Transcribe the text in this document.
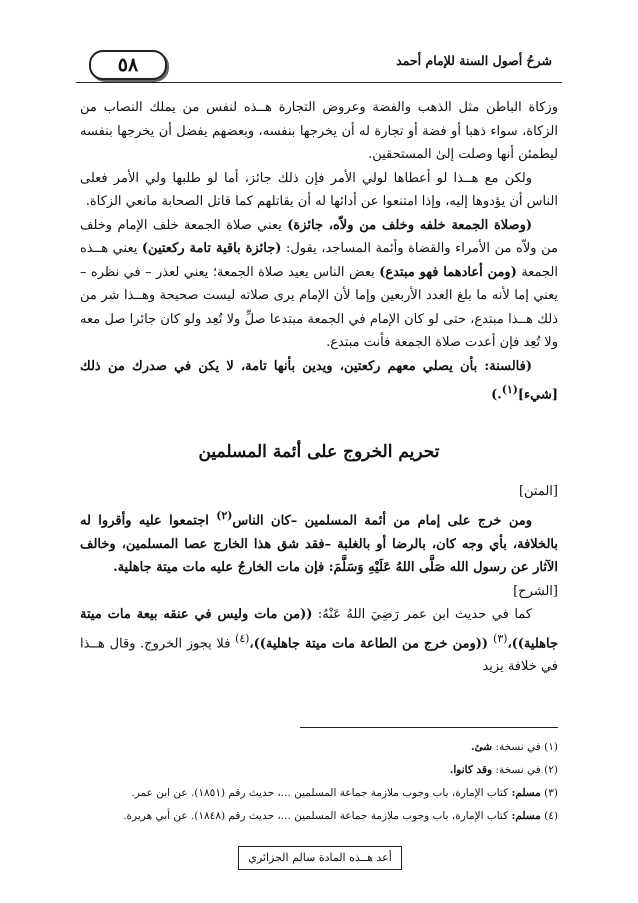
٥٨	شرحُ أصول السنة للإمام أحمد

وزكاة الباطن مثل الذهب والفضة وعروض التجارة هــذه لنفس من يملك النصاب من الزكاة، سواء ذهبا أو فضة أو تجارة له أن يخرجها بنفسه، وبعضهم يفضل أن يخرجها بنفسه ليطمئن أنها وصلت إلىٰ المستحقين.

ولكن مع هــذا لو أعطاها لولي الأمر فإن ذلك جائز، أما لو طلبها ولي الأمر فعلى الناس أن يؤدوها إليه، وإذا امتنعوا عن أدائها له أن يقاتلهم كما قاتل الصحابة مانعي الزكاة.

(وصلاة الجمعة خلفه وخلف من ولاّه، جائزة) يعني صلاة الجمعة خلف الإمام وخلف من ولاّه من الأمراء والقضاة وأئمة المساجد، يقول: (جائزة باقية تامة ركعتين) يعني هــذه الجمعة (ومن أعادهما فهو مبتدع) بعض الناس يعيد صلاة الجمعة؛ يعني لعذر – في نظره – يعني إما لأنه ما بلغ العدد الأربعين وإما لأن الإمام يرى صلاته ليست صحيحة وهــذا شر من ذلك هــذا مبتدع، حتى لو كان الإمام في الجمعة مبتدعا صلِّ ولا تُعِد ولو كان جائرا صل معه ولا تُعِد فإن أعدت صلاة الجمعة فأنت مبتدع.

(فالسنة: بأن يصلي معهم ركعتين، ويدين بأنها تامة، لا يكن في صدرك من ذلك [شيء]$^{(١)}$.)

تحريم الخروج على أئمة المسلمين

[المتن]

ومن خرج على إمام من أئمة المسلمين –كان الناس$^{(٢)}$ اجتمعوا عليه وأقروا له بالخلافة، بأي وجه كان، بالرضا أو بالغلبة –فقد شق هذا الخارج عصا المسلمين، وخالف الآثار عن رسول الله صَلَّى اللهُ عَلَيْهِ وَسَلَّمَ: فإن مات الخارجُ عليه مات ميتة جاهلية.

[الشرح]

كما في حديث ابن عمر رَضِيَ اللهُ عَنْهُ: ((من مات وليس في عنقه بيعة مات ميتة جاهلية))،$^{(٣)}$ ((ومن خرج من الطاعة مات ميتة جاهلية))،$^{(٤)}$ فلا يجوز الخروج. وقال هــذا في خلافة يزيد

(١) في نسخة: شئ.

(٢) في نسخة: وقد كانوا.

(٣) مسلم: كتاب الإمارة، باب وجوب ملازمة جماعة المسلمين ...، حديث رقم (١٨٥١). عن ابن عمر.

(٤) مسلم: كتاب الإمارة، باب وجوب ملازمة جماعة المسلمين ...، حديث رقم (١٨٤٨). عن أبي هريرة.

أعد هــذه المادة سالم الجزائري
